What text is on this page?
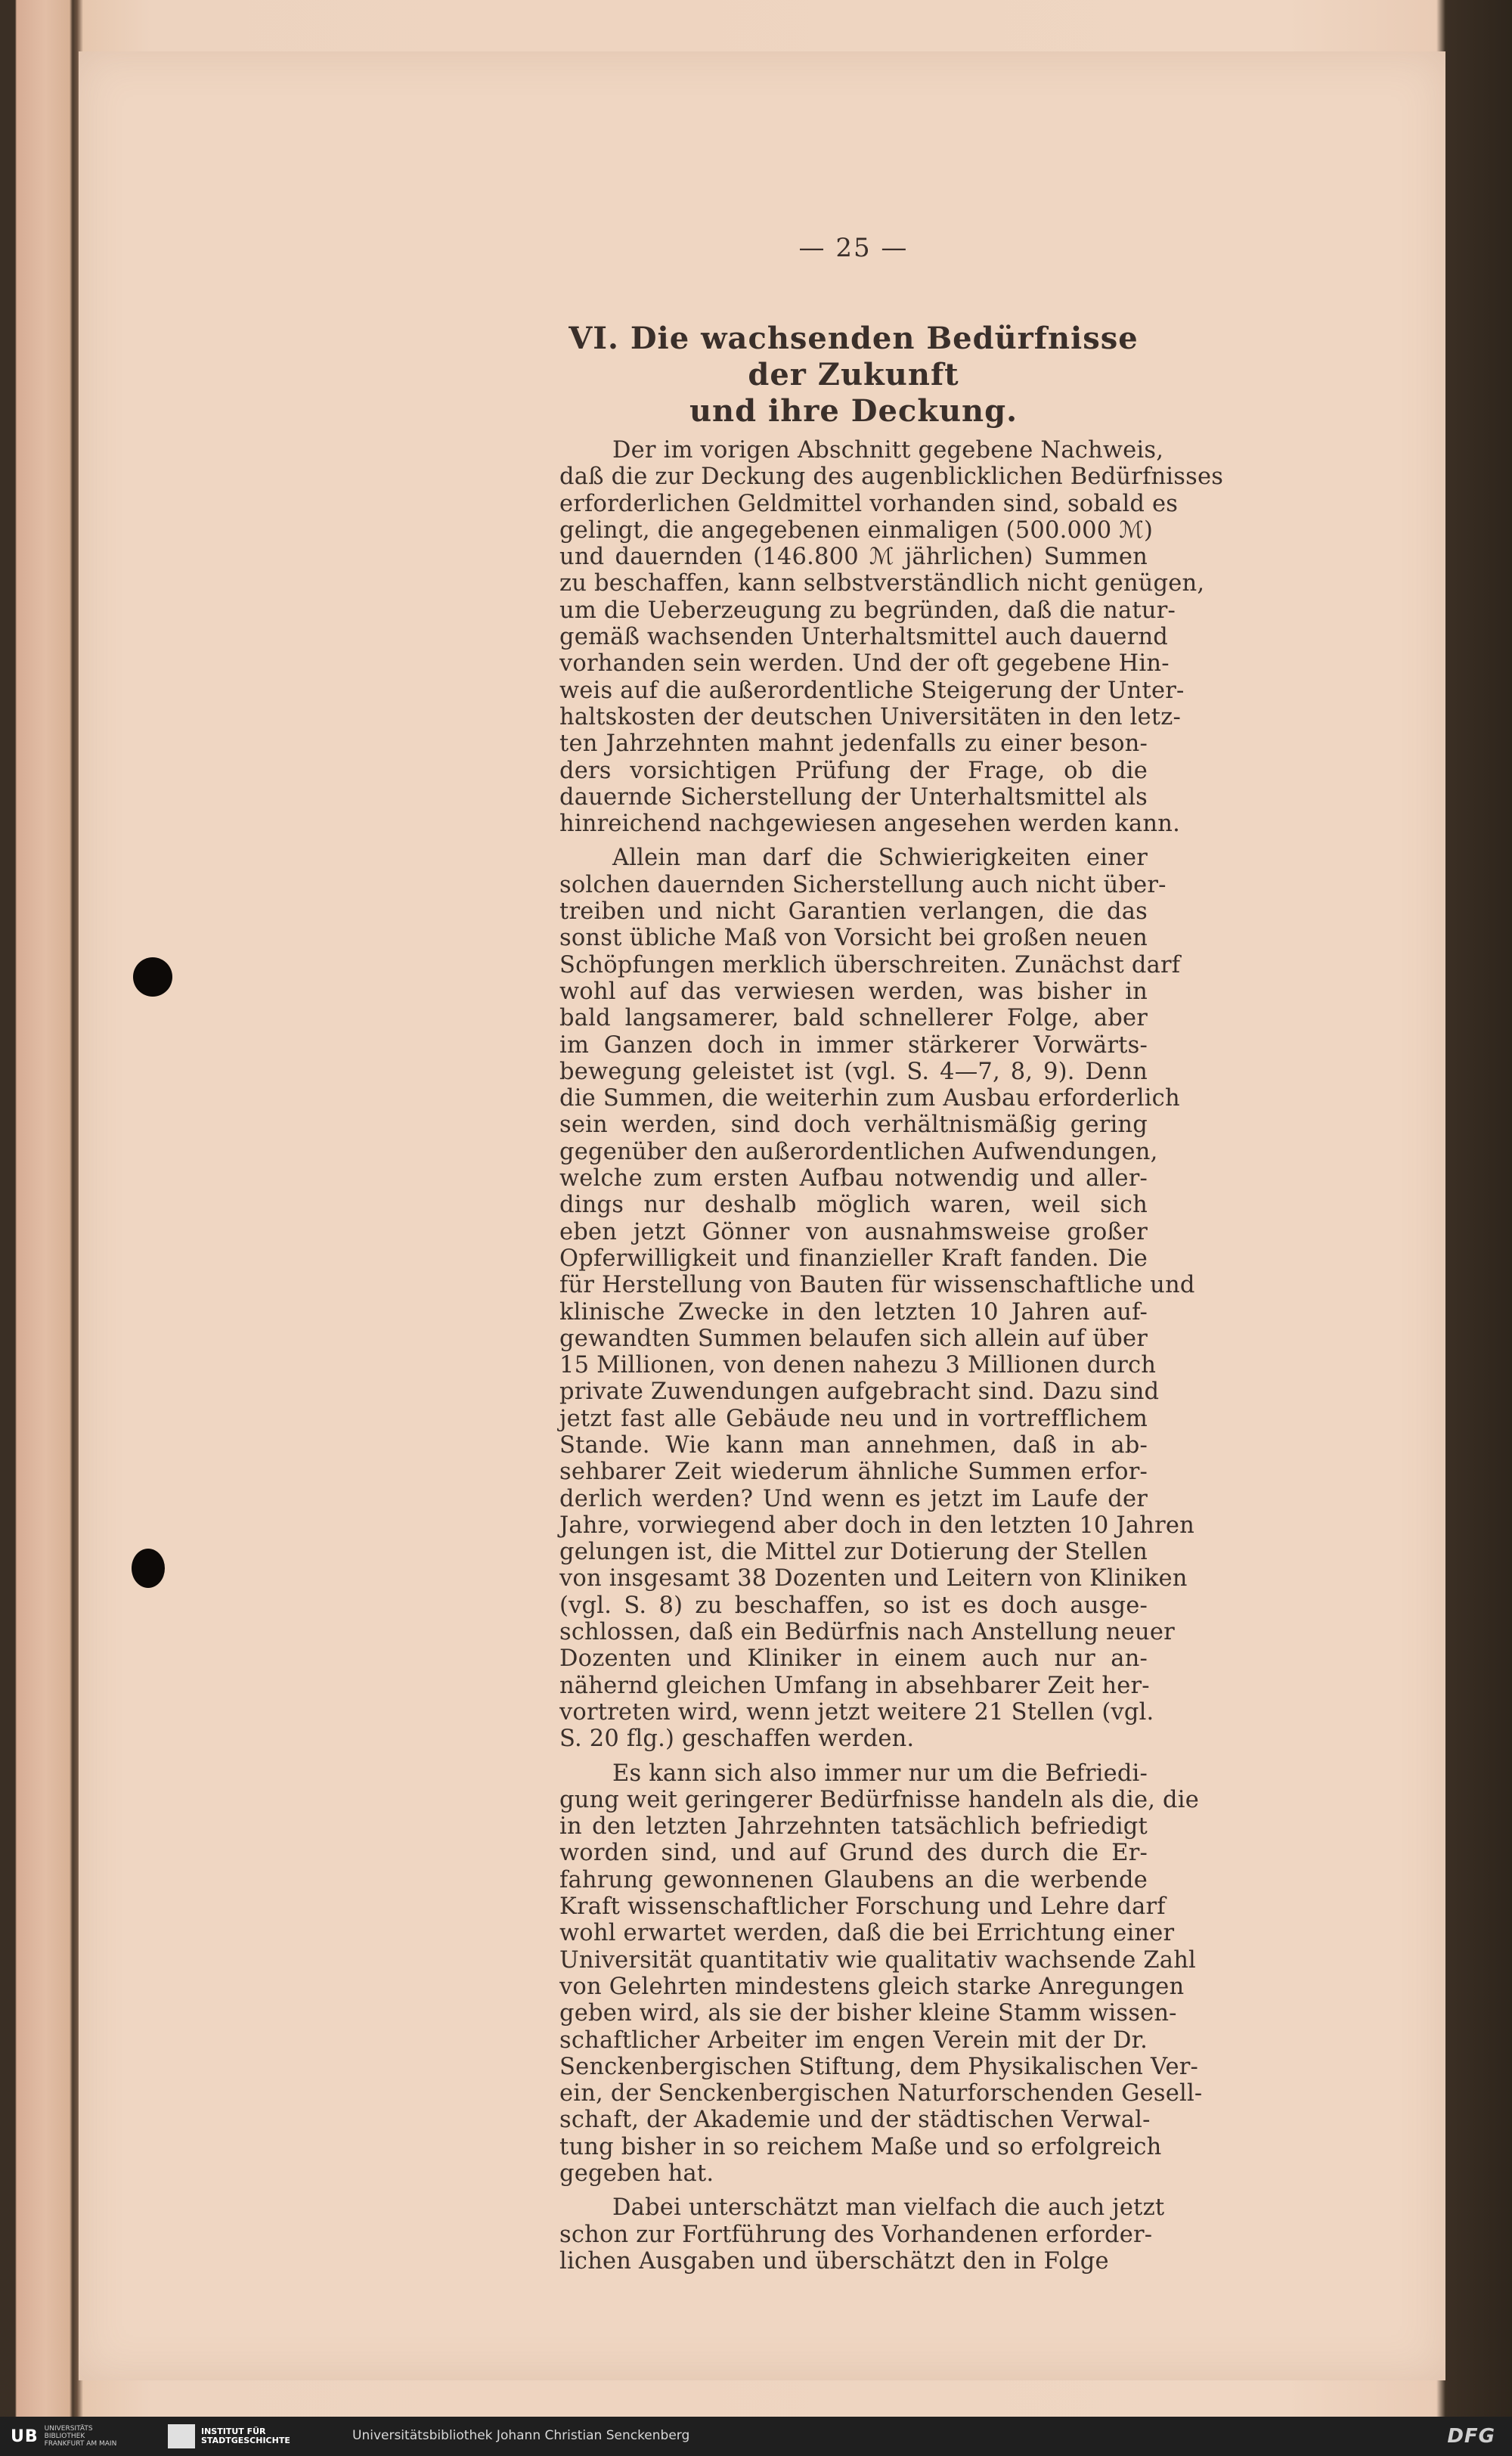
— 25 —
VI. Die wachsenden Bedürfnisse der Zukunft
und ihre Deckung.
Der im vorigen Abschnitt gegebene Nachweis,
daß die zur Deckung des augenblicklichen Bedürfnisses
erforderlichen Geldmittel vorhanden sind, sobald es
gelingt, die angegebenen einmaligen (500.000 ℳ)
und dauernden (146.800 ℳ jährlichen) Summen
zu beschaffen, kann selbstverständlich nicht genügen,
um die Ueberzeugung zu begründen, daß die natur-
gemäß wachsenden Unterhaltsmittel auch dauernd
vorhanden sein werden. Und der oft gegebene Hin-
weis auf die außerordentliche Steigerung der Unter-
haltskosten der deutschen Universitäten in den letz-
ten Jahrzehnten mahnt jedenfalls zu einer beson-
ders vorsichtigen Prüfung der Frage, ob die
dauernde Sicherstellung der Unterhaltsmittel als
hinreichend nachgewiesen angesehen werden kann.
Allein man darf die Schwierigkeiten einer
solchen dauernden Sicherstellung auch nicht über-
treiben und nicht Garantien verlangen, die das
sonst übliche Maß von Vorsicht bei großen neuen
Schöpfungen merklich überschreiten. Zunächst darf
wohl auf das verwiesen werden, was bisher in
bald langsamerer, bald schnellerer Folge, aber
im Ganzen doch in immer stärkerer Vorwärts-
bewegung geleistet ist (vgl. S. 4—7, 8, 9). Denn
die Summen, die weiterhin zum Ausbau erforderlich
sein werden, sind doch verhältnismäßig gering
gegenüber den außerordentlichen Aufwendungen,
welche zum ersten Aufbau notwendig und aller-
dings nur deshalb möglich waren, weil sich
eben jetzt Gönner von ausnahmsweise großer
Opferwilligkeit und finanzieller Kraft fanden. Die
für Herstellung von Bauten für wissenschaftliche und
klinische Zwecke in den letzten 10 Jahren auf-
gewandten Summen belaufen sich allein auf über
15 Millionen, von denen nahezu 3 Millionen durch
private Zuwendungen aufgebracht sind. Dazu sind
jetzt fast alle Gebäude neu und in vortrefflichem
Stande. Wie kann man annehmen, daß in ab-
sehbarer Zeit wiederum ähnliche Summen erfor-
derlich werden? Und wenn es jetzt im Laufe der
Jahre, vorwiegend aber doch in den letzten 10 Jahren
gelungen ist, die Mittel zur Dotierung der Stellen
von insgesamt 38 Dozenten und Leitern von Kliniken
(vgl. S. 8) zu beschaffen, so ist es doch ausge-
schlossen, daß ein Bedürfnis nach Anstellung neuer
Dozenten und Kliniker in einem auch nur an-
nähernd gleichen Umfang in absehbarer Zeit her-
vortreten wird, wenn jetzt weitere 21 Stellen (vgl.
S. 20 flg.) geschaffen werden.
Es kann sich also immer nur um die Befriedi-
gung weit geringerer Bedürfnisse handeln als die, die
in den letzten Jahrzehnten tatsächlich befriedigt
worden sind, und auf Grund des durch die Er-
fahrung gewonnenen Glaubens an die werbende
Kraft wissenschaftlicher Forschung und Lehre darf
wohl erwartet werden, daß die bei Errichtung einer
Universität quantitativ wie qualitativ wachsende Zahl
von Gelehrten mindestens gleich starke Anregungen
geben wird, als sie der bisher kleine Stamm wissen-
schaftlicher Arbeiter im engen Verein mit der Dr.
Senckenbergischen Stiftung, dem Physikalischen Ver-
ein, der Senckenbergischen Naturforschenden Gesell-
schaft, der Akademie und der städtischen Verwal-
tung bisher in so reichem Maße und so erfolgreich
gegeben hat.
Dabei unterschätzt man vielfach die auch jetzt
schon zur Fortführung des Vorhandenen erforder-
lichen Ausgaben und überschätzt den in Folge
UB UNIVERSITÄTS
BIBLIOTHEK
FRANKFURT AM MAIN
INSTITUT FÜR
STADTGESCHICHTE	Universitätsbibliothek Johann Christian Senckenberg	DFG
